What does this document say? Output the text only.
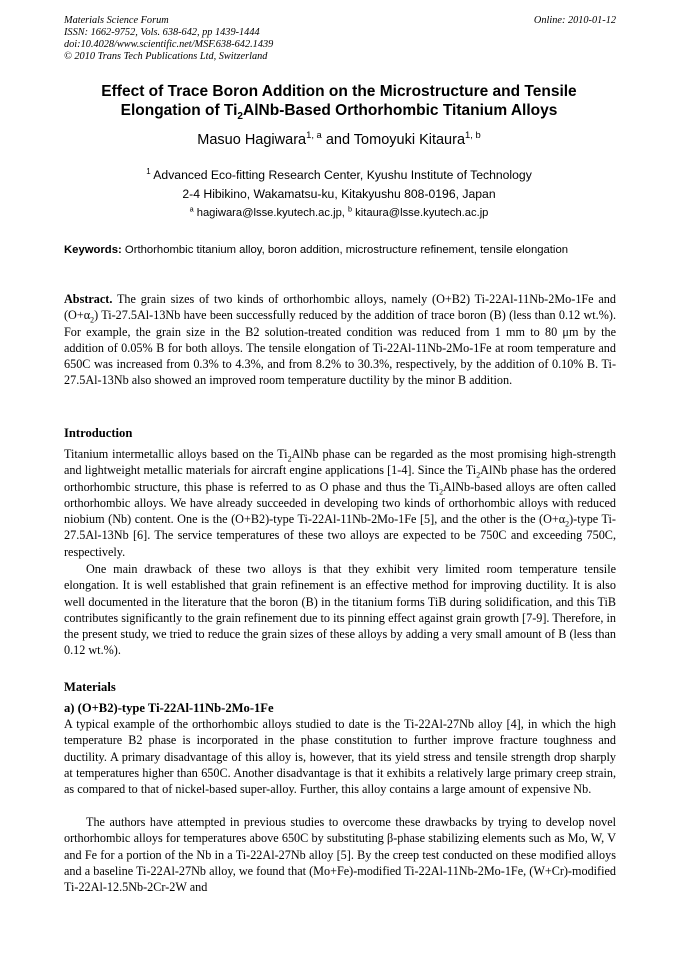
Materials Science Forum	Online: 2010-01-12
ISSN: 1662-9752, Vols. 638-642, pp 1439-1444
doi:10.4028/www.scientific.net/MSF.638-642.1439
© 2010 Trans Tech Publications Ltd, Switzerland
Effect of Trace Boron Addition on the Microstructure and Tensile
Elongation of $Ti_2AlNb$-Based Orthorhombic Titanium Alloys
Masuo Hagiwara$^{1, a}$ and Tomoyuki Kitaura$^{1, b}$
$^1$ Advanced Eco-fitting Research Center, Kyushu Institute of Technology
2-4 Hibikino, Wakamatsu-ku, Kitakyushu 808-0196, Japan
$^a$ hagiwara@lsse.kyutech.ac.jp, $^b$ kitaura@lsse.kyutech.ac.jp
Keywords: Orthorhombic titanium alloy, boron addition, microstructure refinement, tensile elongation
Abstract. The grain sizes of two kinds of orthorhombic alloys, namely (O+B2) Ti-22Al-11Nb-2Mo-1Fe and $(O+\alpha_2)$ Ti-27.5Al-13Nb have been successfully reduced by the addition of trace boron (B) (less than 0.12 wt.%). For example, the grain size in the B2 solution-treated condition was reduced from 1 mm to 80 μm by the addition of 0.05% B for both alloys. The tensile elongation of Ti-22Al-11Nb-2Mo-1Fe at room temperature and 650C was increased from 0.3% to 4.3%, and from 8.2% to 30.3%, respectively, by the addition of 0.10% B. Ti-27.5Al-13Nb also showed an improved room temperature ductility by the minor B addition.
Introduction
Titanium intermetallic alloys based on the $Ti_2AlNb$ phase can be regarded as the most promising high-strength and lightweight metallic materials for aircraft engine applications [1-4]. Since the $Ti_2AlNb$ phase has the ordered orthorhombic structure, this phase is referred to as O phase and thus the $Ti_2AlNb$-based alloys are often called orthorhombic alloys. We have already succeeded in developing two kinds of orthorhombic alloys with reduced niobium (Nb) content. One is the (O+B2)-type Ti-22Al-11Nb-2Mo-1Fe [5], and the other is the $(O+\alpha_2)$-type Ti-27.5Al-13Nb [6]. The service temperatures of these two alloys are expected to be 750C and exceeding 750C, respectively.
One main drawback of these two alloys is that they exhibit very limited room temperature tensile elongation. It is well established that grain refinement is an effective method for improving ductility. It is also well documented in the literature that the boron (B) in the titanium forms TiB during solidification, and this TiB contributes significantly to the grain refinement due to its pinning effect against grain growth [7-9]. Therefore, in the present study, we tried to reduce the grain sizes of these alloys by adding a very small amount of B (less than 0.12 wt.%).
Materials
a) (O+B2)-type Ti-22Al-11Nb-2Mo-1Fe
A typical example of the orthorhombic alloys studied to date is the Ti-22Al-27Nb alloy [4], in which the high temperature B2 phase is incorporated in the phase constitution to further improve fracture toughness and ductility. A primary disadvantage of this alloy is, however, that its yield stress and tensile strength drop sharply at temperatures higher than 650C. Another disadvantage is that it exhibits a relatively large primary creep strain, as compared to that of nickel-based super-alloy. Further, this alloy contains a large amount of expensive Nb.
The authors have attempted in previous studies to overcome these drawbacks by trying to develop novel orthorhombic alloys for temperatures above 650C by substituting β-phase stabilizing elements such as Mo, W, V and Fe for a portion of the Nb in a Ti-22Al-27Nb alloy [5]. By the creep test conducted on these modified alloys and a baseline Ti-22Al-27Nb alloy, we found that (Mo+Fe)-modified Ti-22Al-11Nb-2Mo-1Fe, (W+Cr)-modified Ti-22Al-12.5Nb-2Cr-2W and
